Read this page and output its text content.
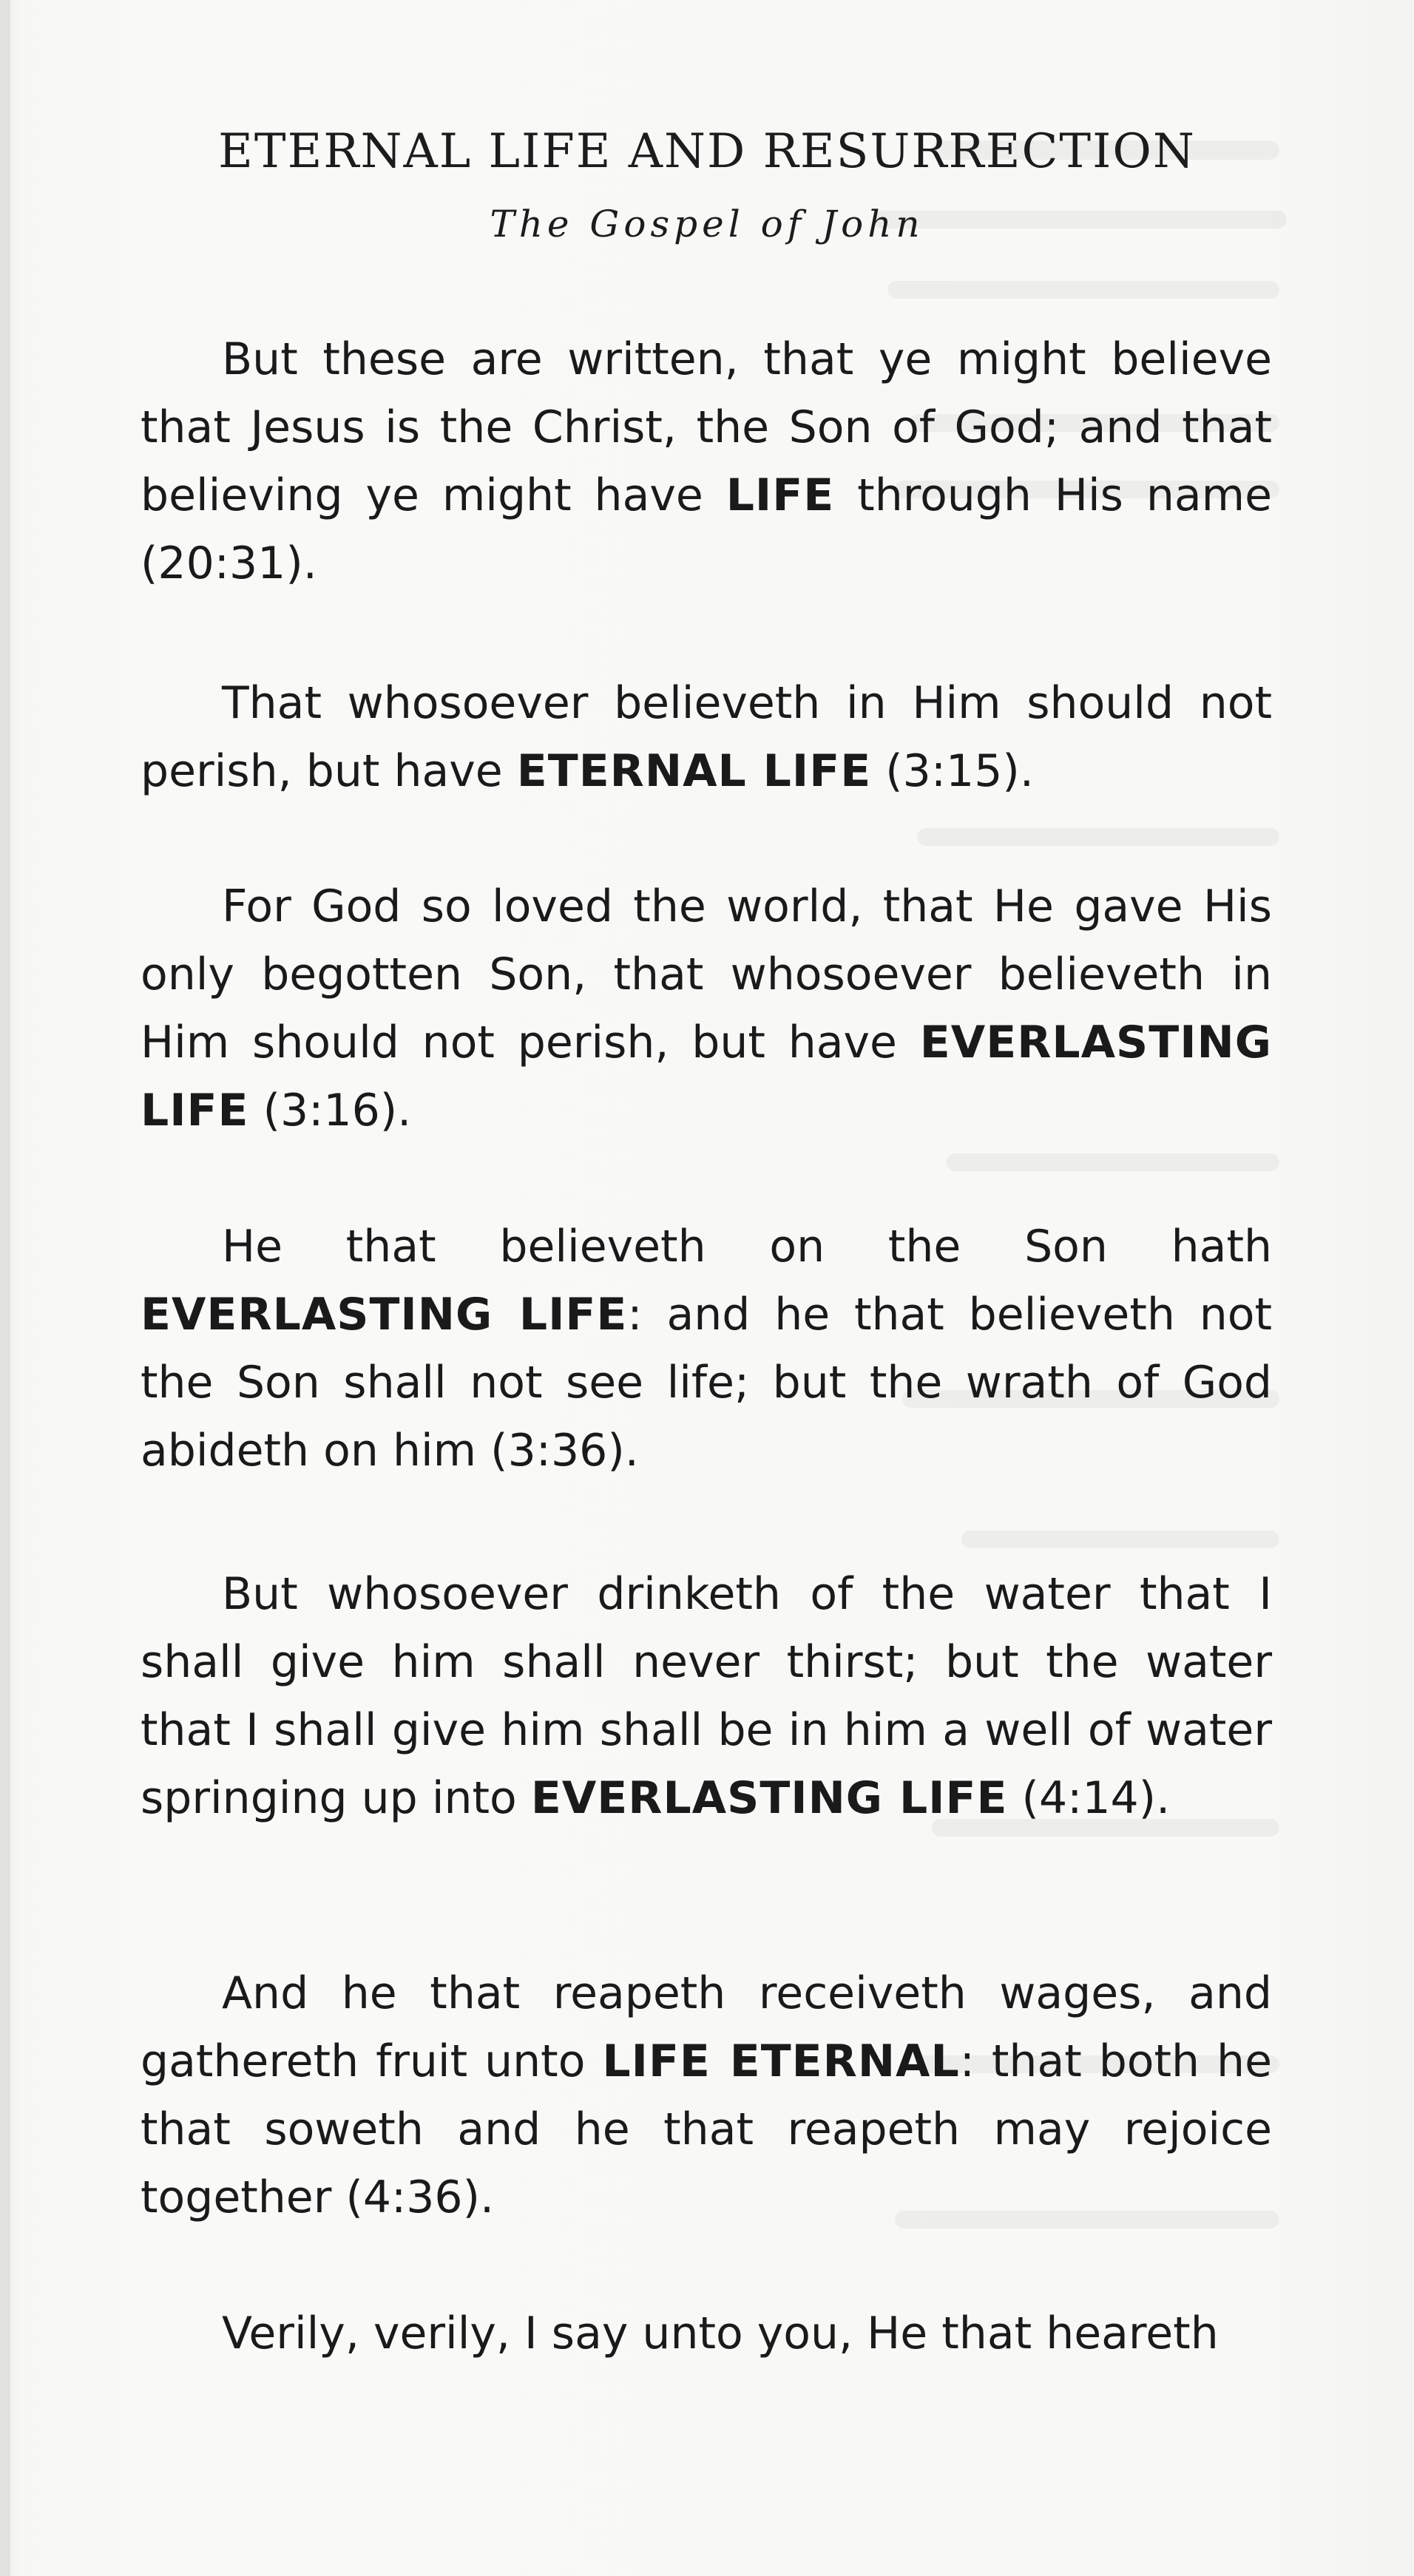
ETERNAL LIFE AND RESURRECTION
The Gospel of John

But these are written, that ye might believe that Jesus is the Christ, the Son of God; and that believing ye might have LIFE through His name (20:31).

That whosoever believeth in Him should not perish, but have ETERNAL LIFE (3:15).

For God so loved the world, that He gave His only begotten Son, that whosoever believeth in Him should not perish, but have EVERLASTING LIFE (3:16).

He that believeth on the Son hath EVERLASTING LIFE: and he that believeth not the Son shall not see life; but the wrath of God abideth on him (3:36).

But whosoever drinketh of the water that I shall give him shall never thirst; but the water that I shall give him shall be in him a well of water springing up into EVERLASTING LIFE (4:14).

And he that reapeth receiveth wages, and gathereth fruit unto LIFE ETERNAL: that both he that soweth and he that reapeth may rejoice together (4:36).

Verily, verily, I say unto you, He that heareth
